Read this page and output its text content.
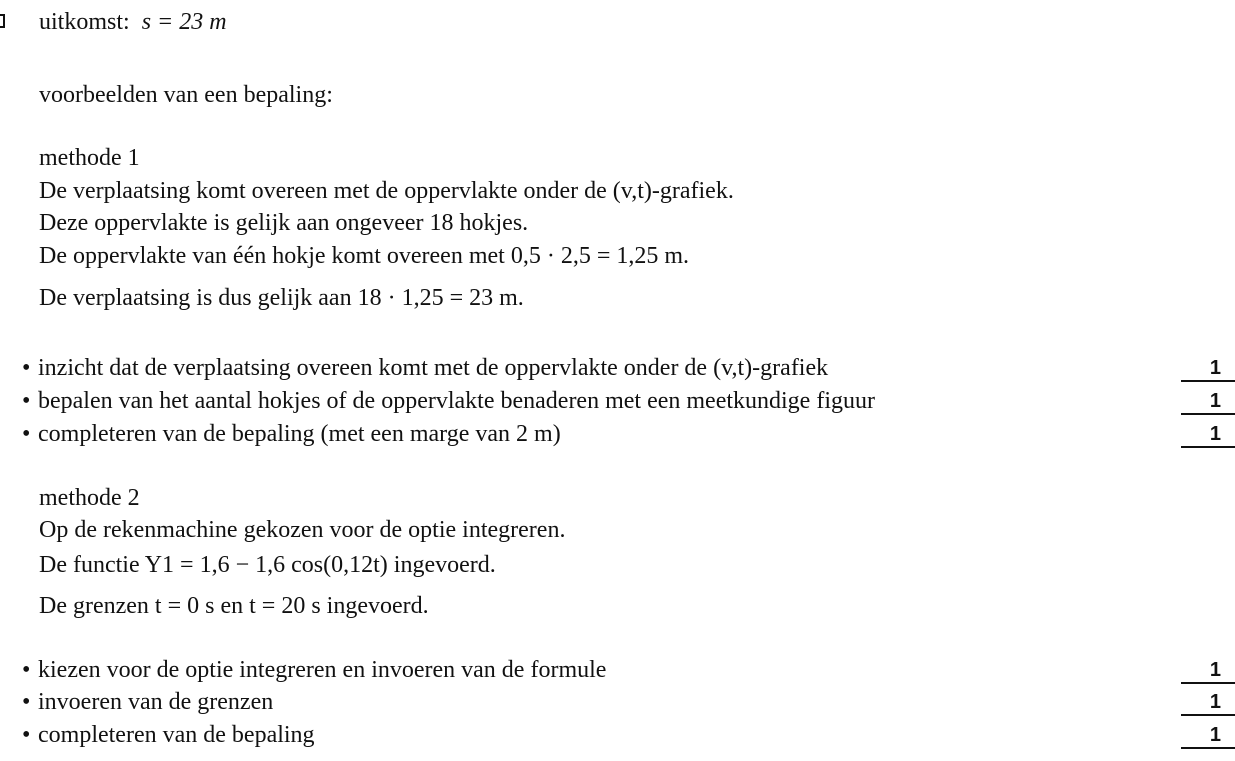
uitkomst: s = 23 m
voorbeelden van een bepaling:
methode 1
De verplaatsing komt overeen met de oppervlakte onder de (v,t)-grafiek.
Deze oppervlakte is gelijk aan ongeveer 18 hokjes.
De oppervlakte van één hokje komt overeen met 0,5 · 2,5 = 1,25 m.
De verplaatsing is dus gelijk aan 18 · 1,25 = 23 m.
• inzicht dat de verplaatsing overeen komt met de oppervlakte onder de (v,t)-grafiek	1
• bepalen van het aantal hokjes of de oppervlakte benaderen met een meetkundige figuur	1
• completeren van de bepaling (met een marge van 2 m)	1
methode 2
Op de rekenmachine gekozen voor de optie integreren.
De functie Y1 = 1,6 − 1,6 cos(0,12t) ingevoerd.
De grenzen t = 0 s en t = 20 s ingevoerd.
• kiezen voor de optie integreren en invoeren van de formule	1
• invoeren van de grenzen	1
• completeren van de bepaling	1
